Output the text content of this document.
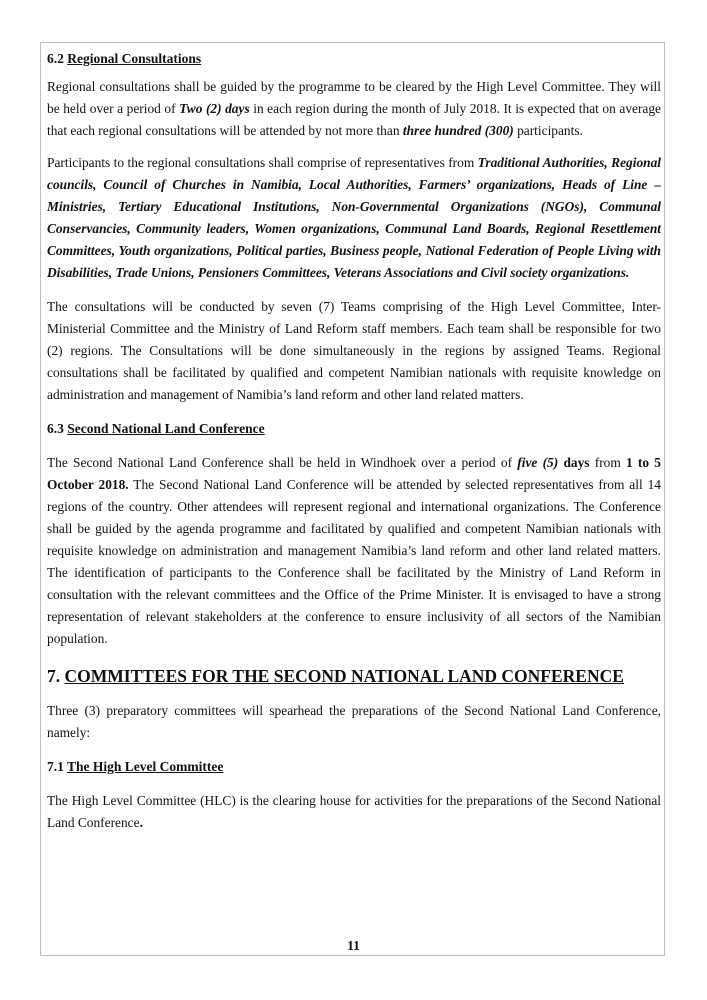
6.2 Regional Consultations

Regional consultations shall be guided by the programme to be cleared by the High Level Committee. They will be held over a period of Two (2) days in each region during the month of July 2018. It is expected that on average that each regional consultations will be attended by not more than three hundred (300) participants.

Participants to the regional consultations shall comprise of representatives from Traditional Authorities, Regional councils, Council of Churches in Namibia, Local Authorities, Farmers’ organizations, Heads of Line – Ministries, Tertiary Educational Institutions, Non-Governmental Organizations (NGOs), Communal Conservancies, Community leaders, Women organizations, Communal Land Boards, Regional Resettlement Committees, Youth organizations, Political parties, Business people, National Federation of People Living with Disabilities, Trade Unions, Pensioners Committees, Veterans Associations and Civil society organizations.

The consultations will be conducted by seven (7) Teams comprising of the High Level Committee, Inter-Ministerial Committee and the Ministry of Land Reform staff members. Each team shall be responsible for two (2) regions. The Consultations will be done simultaneously in the regions by assigned Teams. Regional consultations shall be facilitated by qualified and competent Namibian nationals with requisite knowledge on administration and management of Namibia’s land reform and other land related matters.

6.3 Second National Land Conference

The Second National Land Conference shall be held in Windhoek over a period of five (5) days from 1 to 5 October 2018. The Second National Land Conference will be attended by selected representatives from all 14 regions of the country. Other attendees will represent regional and international organizations. The Conference shall be guided by the agenda programme and facilitated by qualified and competent Namibian nationals with requisite knowledge on administration and management Namibia’s land reform and other land related matters. The identification of participants to the Conference shall be facilitated by the Ministry of Land Reform in consultation with the relevant committees and the Office of the Prime Minister. It is envisaged to have a strong representation of relevant stakeholders at the conference to ensure inclusivity of all sectors of the Namibian population.

7. COMMITTEES FOR THE SECOND NATIONAL LAND CONFERENCE

Three (3) preparatory committees will spearhead the preparations of the Second National Land Conference, namely:

7.1 The High Level Committee

The High Level Committee (HLC) is the clearing house for activities for the preparations of the Second National Land Conference.

11
